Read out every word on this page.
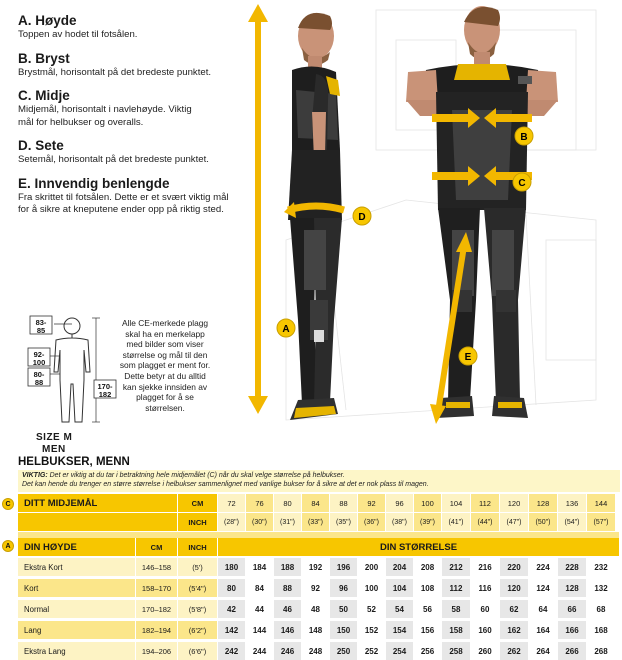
A. Høyde

Toppen av hodet til fotsålen.

B. Bryst

Brystmål, horisontalt på det bredeste punktet.

C. Midje

Midjemål, horisontalt i navlehøyde. Viktig mål for helbukser og overalls.

D. Sete

Setemål, horisontalt på det bredeste punktet.

E. Innvendig benlengde

Fra skrittet til fotsålen. Dette er et svært viktig mål for å sikre at kneputene ender opp på riktig sted.

83-
85
92-
100
80-
88	170-
182
SIZE M
MEN
Alle CE-merkede plagg skal ha en merkelapp med bilder som viser størrelse og mål til den som plagget er ment for. Dette betyr at du alltid kan sjekke innsiden av plagget for å se størrelsen.
A
B
C
D
E
HELBUKSER, MENN
VIKTIG: Det er viktig at du tar i betraktning hele midjemålet (C) når du skal velge størrelse på helbukser.
Det kan hende du trenger en større størrelse i helbukser sammenlignet med vanlige bukser for å sikre at det er nok plass til magen.
C
A
DITT MIDJEMÅL	CM	72	76	80	84	88	92	96	100	104	112	120	128	136	144
INCH	(28")	(30")	(31")	(33")	(35")	(36")	(38")	(39")	(41")	(44")	(47")	(50")	(54")	(57")
DIN HØYDE	CM	INCH	DIN STØRRELSE
Ekstra Kort	146–158	(5')	180	184	188	192	196	200	204	208	212	216	220	224	228	232
Kort	158–170	(5'4")	80	84	88	92	96	100	104	108	112	116	120	124	128	132
Normal	170–182	(5'8")	42	44	46	48	50	52	54	56	58	60	62	64	66	68
Lang	182–194	(6'2")	142	144	146	148	150	152	154	156	158	160	162	164	166	168
Ekstra Lang	194–206	(6'6")	242	244	246	248	250	252	254	256	258	260	262	264	266	268
